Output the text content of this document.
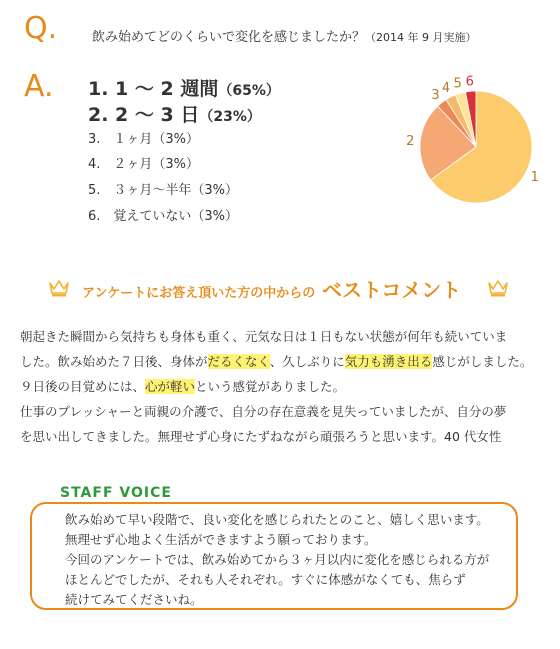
Q.	飲み始めてどのくらいで変化を感じましたか？（2014 年 9 月実施）
A. 1. 1 〜 2 週間（65%）
2. 2 〜 3 日（23%）
3.　１ヶ月（3%）
4.　２ヶ月（3%）
5.　３ヶ月〜半年（3%）
6.　覚えていない（3%）
1
2
3 4 5 6
アンケートにお答え頂いた方の中からの ベストコメント

朝起きた瞬間から気持ちも身体も重く、元気な日は１日もない状態が何年も続いていま

した。飲み始めた７日後、身体がだるくなく、久しぶりに気力も湧き出る感じがしました。

９日後の目覚めには、心が軽いという感覚がありました。

仕事のプレッシャーと両親の介護で、自分の存在意義を見失っていましたが、自分の夢

を思い出してきました。無理せず心身にたずねながら頑張ろうと思います。40 代女性

STAFF VOICE

飲み始めて早い段階で、良い変化を感じられたとのこと、嬉しく思います。

無理せず心地よく生活ができますよう願っております。

今回のアンケートでは、飲み始めてから３ヶ月以内に変化を感じられる方が

ほとんどでしたが、それも人それぞれ。すぐに体感がなくても、焦らず

続けてみてくださいね。
